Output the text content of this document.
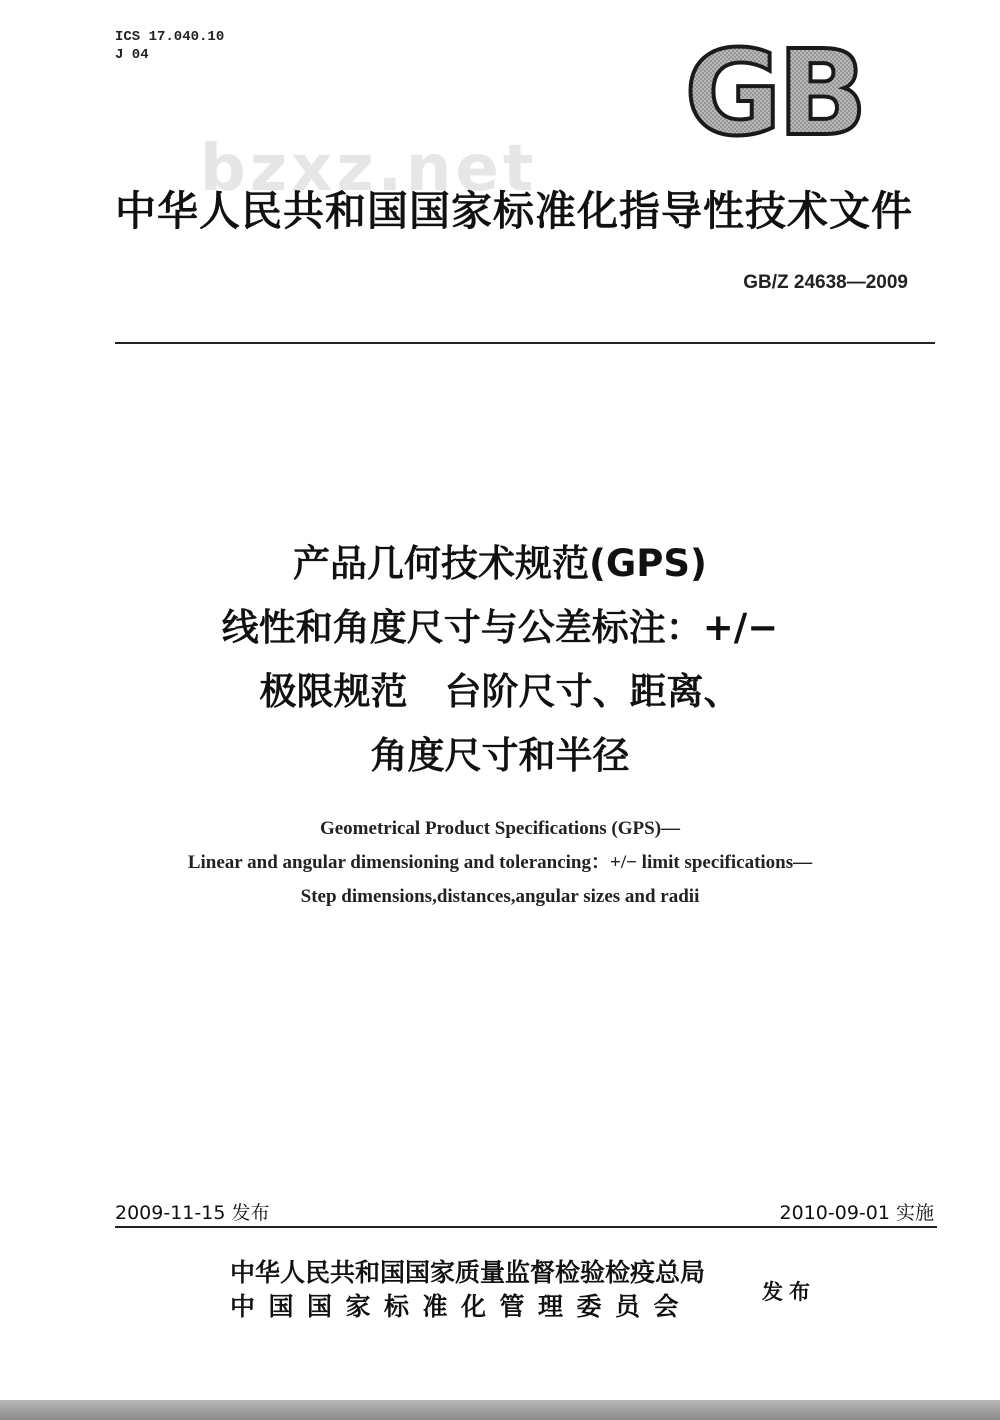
ICS 17.040.10
J 04	GB
bzxz.net
中华人民共和国国家标准化指导性技术文件
GB/Z 24638—2009
产品几何技术规范(GPS)
线性和角度尺寸与公差标注：+/−
极限规范　台阶尺寸、距离、
角度尺寸和半径
Geometrical Product Specifications (GPS)—
Linear and angular dimensioning and tolerancing：+/− limit specifications—
Step dimensions,distances,angular sizes and radii
2009-11-15 发布	2010-09-01 实施
中华人民共和国国家质量监督检验检疫总局
中国国家标准化管理委员会	发布
